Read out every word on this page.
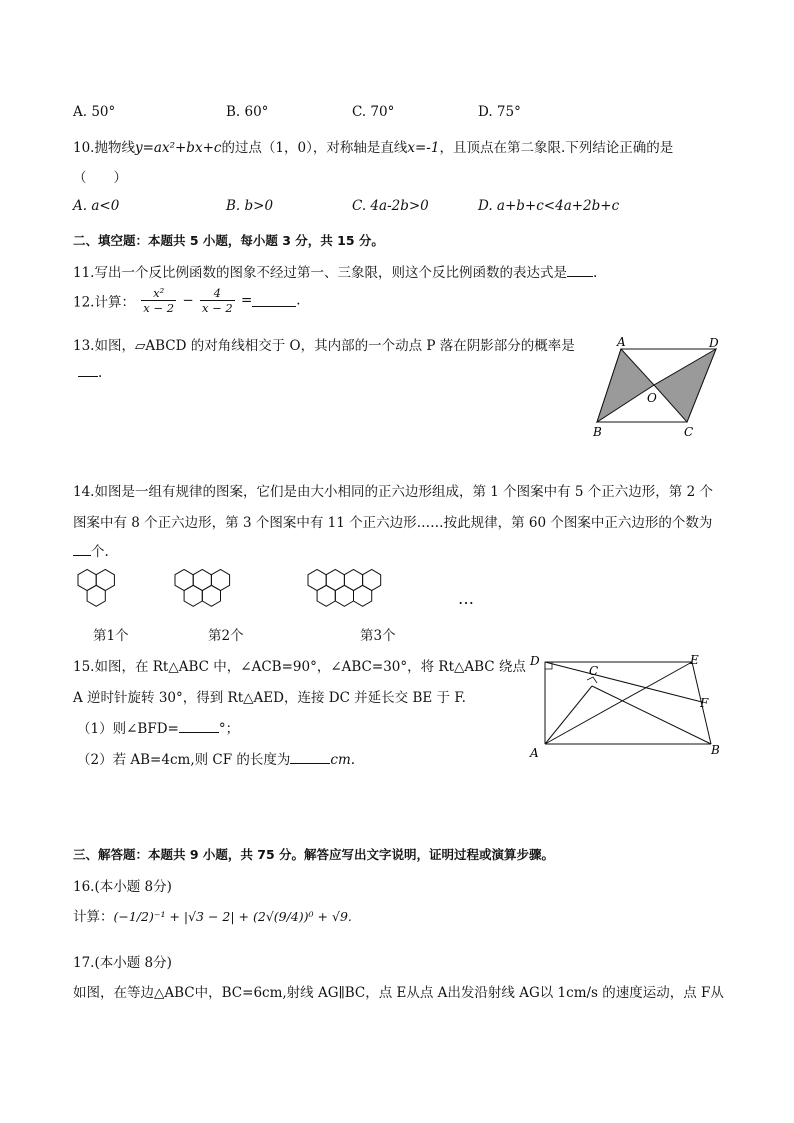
A. 50°	B. 60°	C. 70°	D. 75°
10.抛物线y=ax²+bx+c的过点（1，0），对称轴是直线x=-1，且顶点在第二象限.下列结论正确的是
（　　）
A. a<0	B. b>0	C. 4a-2b>0	D. a+b+c<4a+2b+c
二、填空题：本题共 5 小题，每小题 3 分，共 15 分。
11.写出一个反比例函数的图象不经过第一、三象限，则这个反比例函数的表达式是 .
12.计算： $\frac{\text{x²}}{x - 2} - \frac{4}{x - 2}$ =	.
13.如图，▱ABCD 的对角线相交于 O，其内部的一个动点 P 落在阴影部分的概率是
.
A	D
B	C
O
14.如图是一组有规律的图案，它们是由大小相同的正六边形组成，第 1 个图案中有 5 个正六边形，第 2 个
图案中有 8 个正六边形，第 3 个图案中有 11 个正六边形……按此规律，第 60 个图案中正六边形的个数为
个.
…
第1个	第2个	第3个
15.如图，在 Rt△ABC 中，∠ACB=90°，∠ABC=30°，将 Rt△ABC 绕点
A 逆时针旋转 30°，得到 Rt△AED，连接 DC 并延长交 BE 于 F.
（1）则∠BFD=	°；
（2）若 AB=4cm,则 CF 的长度为	cm.
D
C
E
F
A	B
三、解答题：本题共 9 小题，共 75 分。解答应写出文字说明，证明过程或演算步骤。
16.(本小题 8分)
计算：(−1/2)⁻¹ + |√3 − 2| + (2√(9/4))⁰ + √9.
17.(本小题 8分)
如图，在等边△ABC中，BC=6cm,射线 AG∥BC，点 E从点 A出发沿射线 AG以 1cm/s 的速度运动，点 F从
